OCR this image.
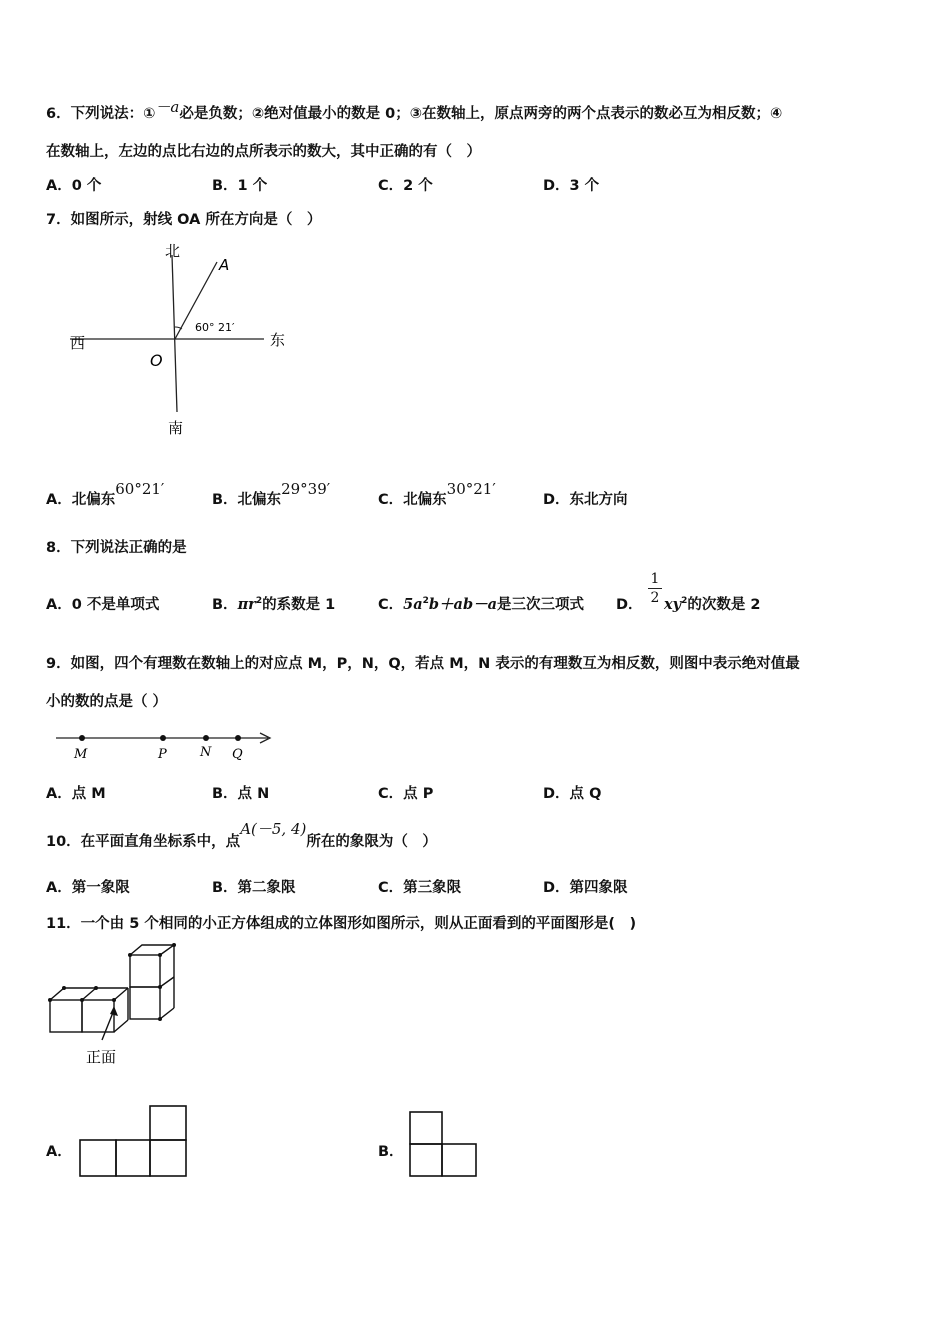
6．下列说法：①－a必是负数；②绝对值最小的数是 0；③在数轴上，原点两旁的两个点表示的数必互为相反数；④
在数轴上，左边的点比右边的点所表示的数大，其中正确的有（　）
A．0 个	B．1 个	C．2 个	D．3 个
7．如图所示，射线 OA 所在方向是（　）
北
南
东
西
O
A
60° 21′
A．北偏东60°21′
B．北偏东29°39′
C．北偏东30°21′
D．东北方向
8．下列说法正确的是
A．0 不是单项式	B．$\pi r^2$的系数是 1	C．$5a^2b+ab-a$是三次三项式 D． $\frac{1}{2} xy^2$的次数是 2
9．如图，四个有理数在数轴上的对应点 M，P，N，Q，若点 M，N 表示的有理数互为相反数，则图中表示绝对值最
小的数的点是（ ）
M	P	N Q
A．点 M	B．点 N	C．点 P	D．点 Q
10．在平面直角坐标系中，点A(－5, 4)所在的象限为（　）
A．第一象限	B．第二象限	C．第三象限	D．第四象限
11．一个由 5 个相同的小正方体组成的立体图形如图所示，则从正面看到的平面图形是(　)
正面
A．	B．
